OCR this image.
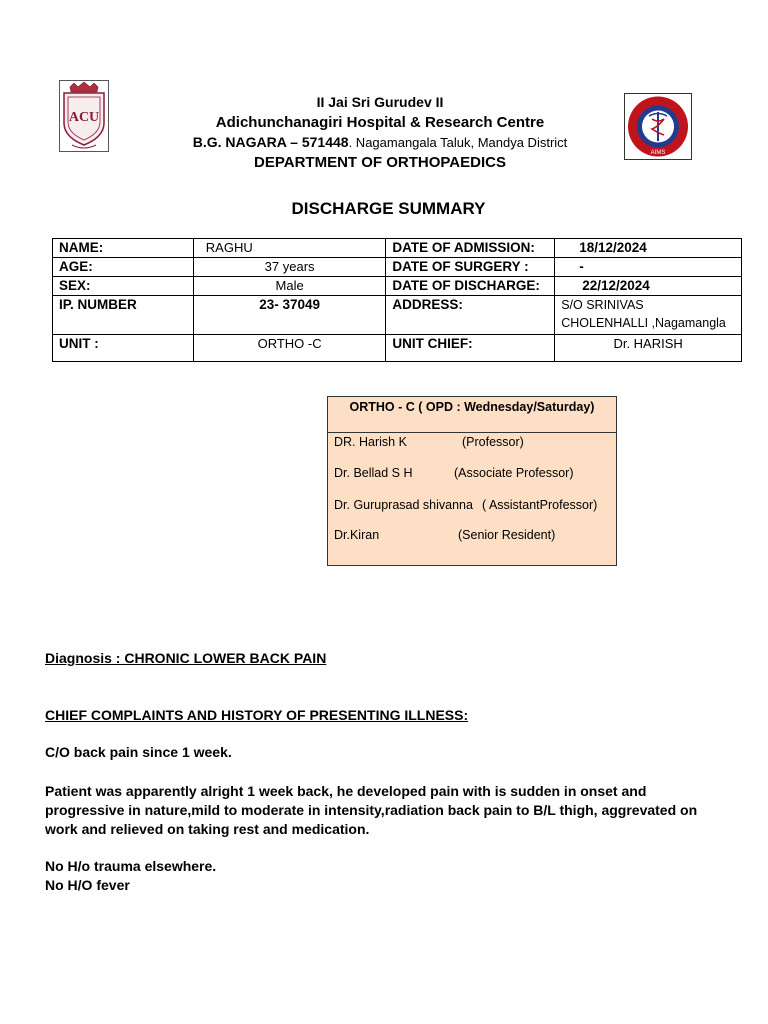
ACU
AIMS
II Jai Sri Gurudev II
Adichunchanagiri Hospital & Research Centre
B.G. NAGARA – 571448. Nagamangala Taluk, Mandya District
DEPARTMENT OF ORTHOPAEDICS
DISCHARGE SUMMARY
NAME:	RAGHU	DATE OF ADMISSION:	18/12/2024
AGE:	37 years	DATE OF SURGERY :	-
SEX:	Male	DATE OF DISCHARGE:	22/12/2024
IP. NUMBER	23- 37049	ADDRESS:	S/O SRINIVAS
CHOLENHALLI ,Nagamangla

UNIT :	ORTHO -C	UNIT CHIEF:	Dr. HARISH
ORTHO - C ( OPD : Wednesday/Saturday)
DR. Harish K	(Professor)
Dr. Bellad S H	(Associate Professor)
Dr. Guruprasad shivanna ( AssistantProfessor)
Dr.Kiran	(Senior Resident)
Diagnosis : CHRONIC LOWER BACK PAIN
CHIEF COMPLAINTS AND HISTORY OF PRESENTING ILLNESS:
C/O back pain since 1 week.
Patient was apparently alright 1 week back, he developed pain with is sudden in onset and
progressive in nature,mild to moderate in intensity,radiation back pain to B/L thigh, aggrevated on
work and relieved on taking rest and medication.
No H/o trauma elsewhere.
No H/O fever
